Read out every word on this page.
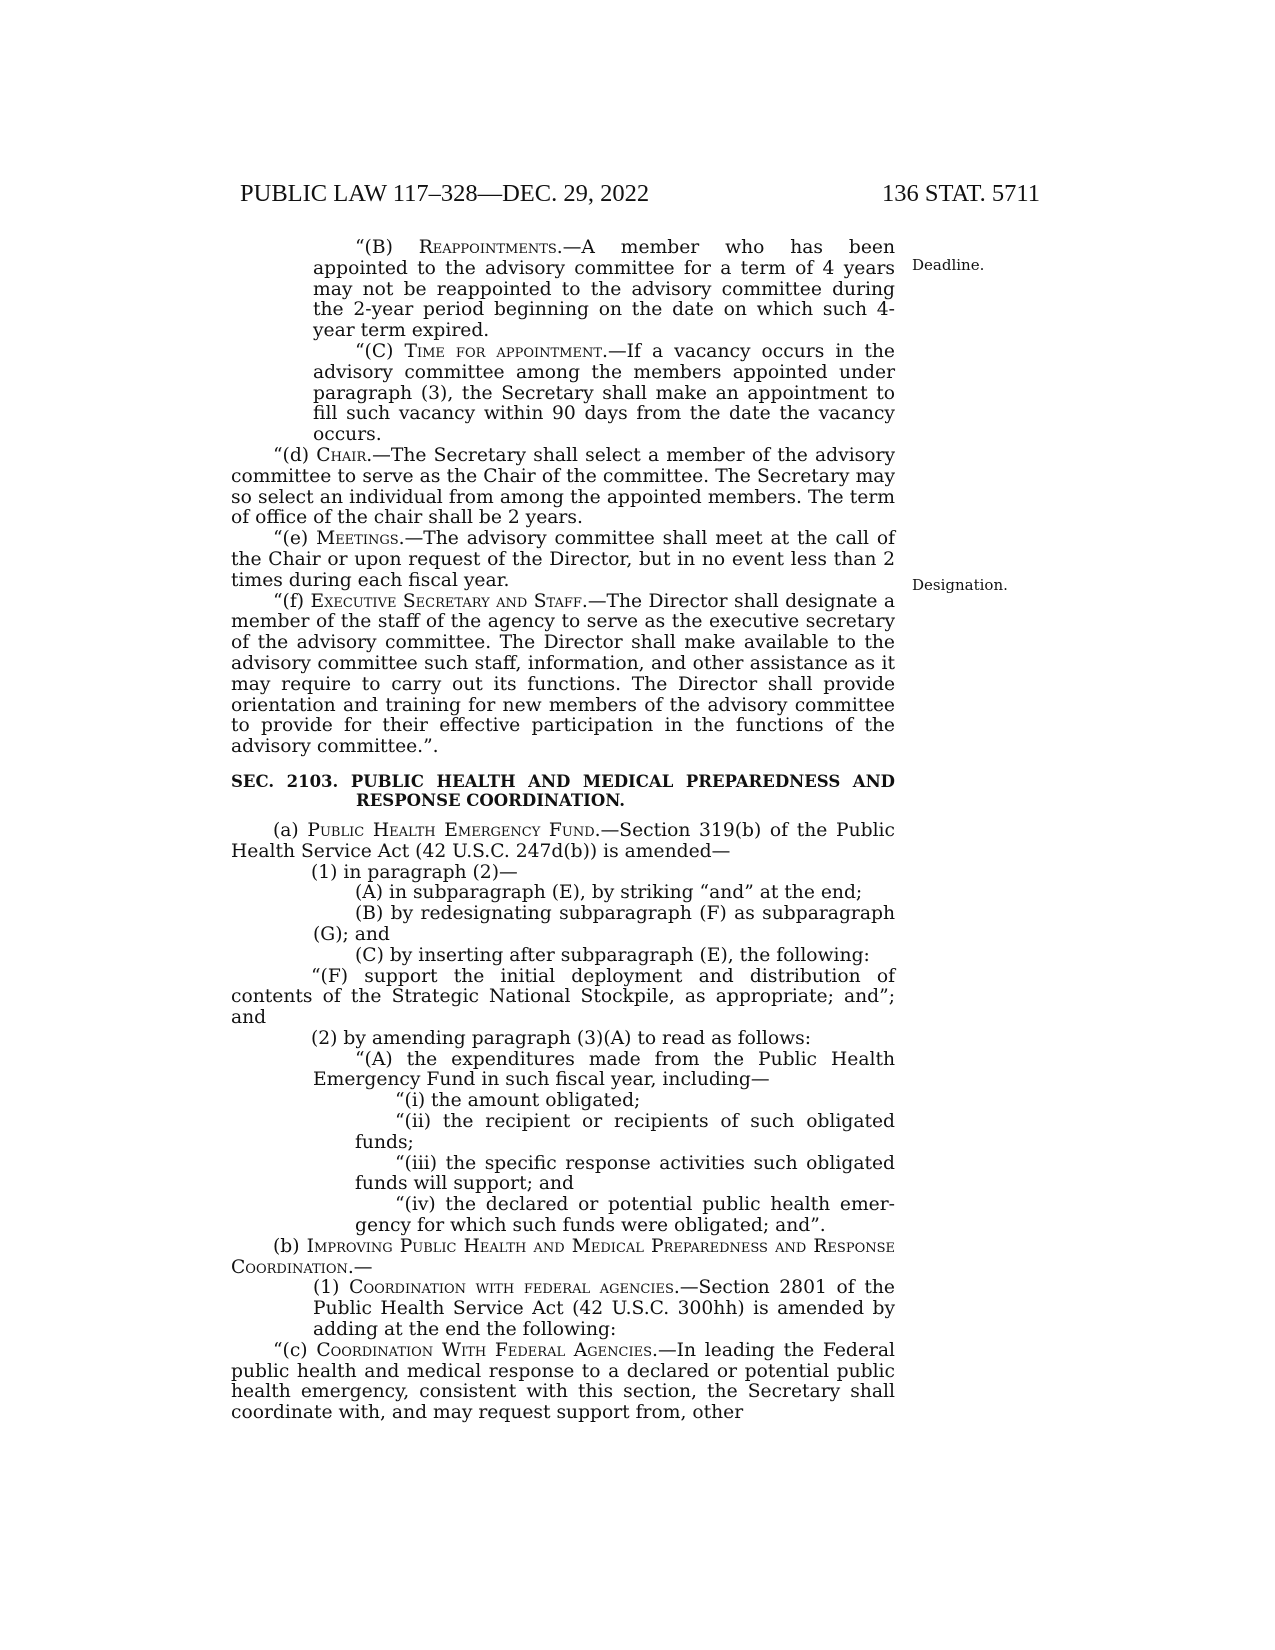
PUBLIC LAW 117–328—DEC. 29, 2022	136 STAT. 5711
Deadline.
Designation.

“(B) Reappointments.—A member who has been appointed to the advisory committee for a term of 4 years may not be reappointed to the advisory committee during the 2-year period beginning on the date on which such 4-year term expired.

“(C) Time for appointment.—If a vacancy occurs in the advisory committee among the members appointed under paragraph (3), the Secretary shall make an appointment to fill such vacancy within 90 days from the date the vacancy occurs.

“(d) Chair.—The Secretary shall select a member of the advisory committee to serve as the Chair of the committee. The Secretary may so select an individual from among the appointed members. The term of office of the chair shall be 2 years.

“(e) Meetings.—The advisory committee shall meet at the call of the Chair or upon request of the Director, but in no event less than 2 times during each fiscal year.

“(f) Executive Secretary and Staff.—The Director shall designate a member of the staff of the agency to serve as the executive secretary of the advisory committee. The Director shall make available to the advisory committee such staff, information, and other assistance as it may require to carry out its functions. The Director shall provide orientation and training for new members of the advisory committee to provide for their effective participation in the functions of the advisory committee.”.

SEC. 2103. PUBLIC HEALTH AND MEDICAL PREPAREDNESS AND RESPONSE COORDINATION.

(a) Public Health Emergency Fund.—Section 319(b) of the Public Health Service Act (42 U.S.C. 247d(b)) is amended—

(1) in paragraph (2)—

(A) in subparagraph (E), by striking “and” at the end;

(B) by redesignating subparagraph (F) as subparagraph (G); and

(C) by inserting after subparagraph (E), the following:

“(F) support the initial deployment and distribution of contents of the Strategic National Stockpile, as appropriate; and”; and

(2) by amending paragraph (3)(A) to read as follows:

“(A) the expenditures made from the Public Health Emergency Fund in such fiscal year, including—

“(i) the amount obligated;

“(ii) the recipient or recipients of such obligated funds;

“(iii) the specific response activities such obligated funds will support; and

“(iv) the declared or potential public health emergency for which such funds were obligated; and”.

(b) Improving Public Health and Medical Preparedness and Response Coordination.—

(1) Coordination with federal agencies.—Section 2801 of the Public Health Service Act (42 U.S.C. 300hh) is amended by adding at the end the following:

“(c) Coordination With Federal Agencies.—In leading the Federal public health and medical response to a declared or potential public health emergency, consistent with this section, the Secretary shall coordinate with, and may request support from, other
